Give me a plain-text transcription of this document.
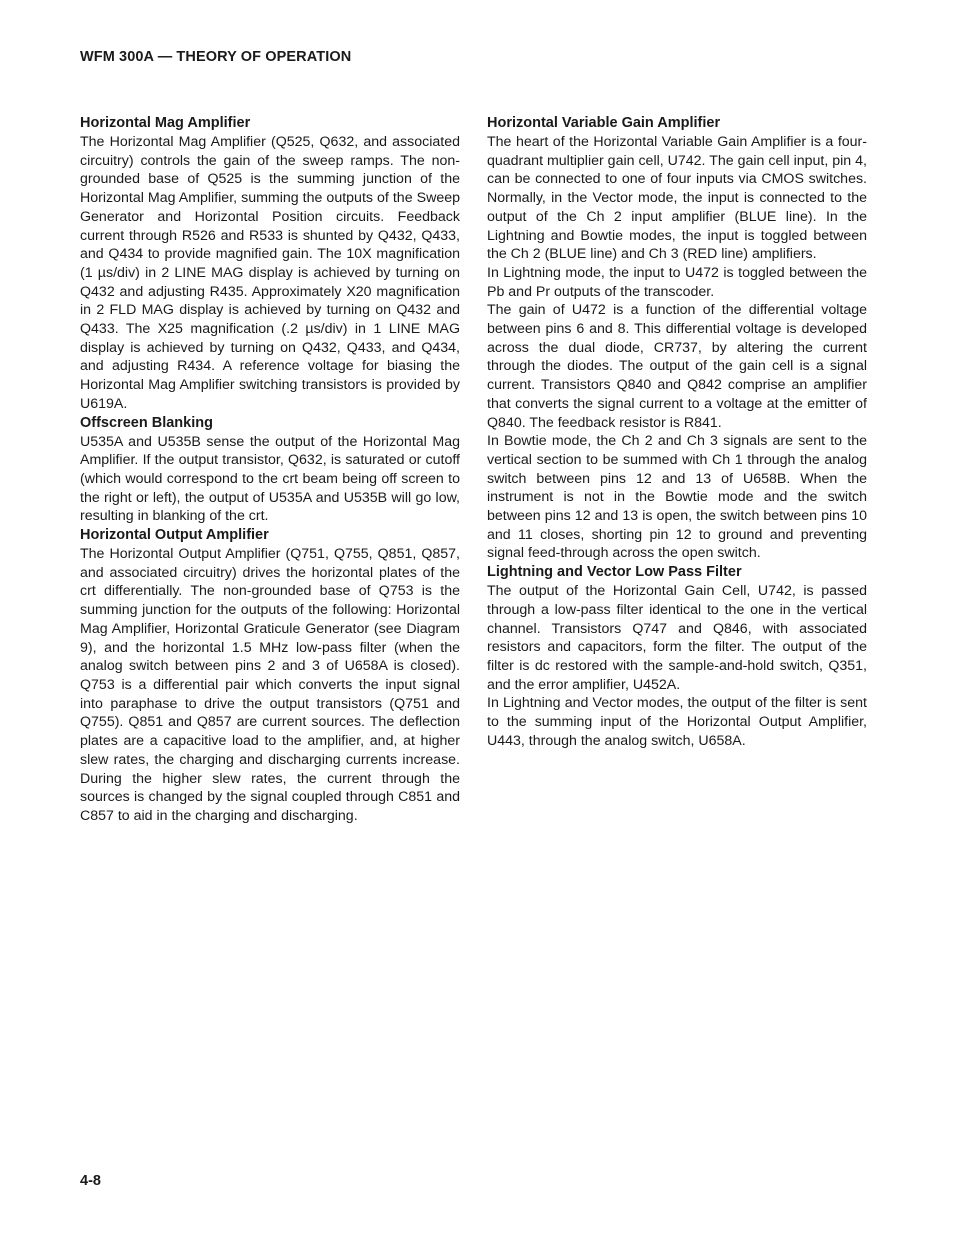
WFM 300A — THEORY OF OPERATION
Horizontal Mag Amplifier

The Horizontal Mag Amplifier (Q525, Q632, and associated circuitry) controls the gain of the sweep ramps. The non-grounded base of Q525 is the summing junction of the Horizontal Mag Amplifier, summing the outputs of the Sweep Generator and Horizontal Position circuits. Feedback current through R526 and R533 is shunted by Q432, Q433, and Q434 to provide magnified gain. The 10X magnification (1 µs/div) in 2 LINE MAG display is achieved by turning on Q432 and adjusting R435. Approximately X20 magnification in 2 FLD MAG display is achieved by turning on Q432 and Q433. The X25 magnification (.2 µs/div) in 1 LINE MAG display is achieved by turning on Q432, Q433, and Q434, and adjusting R434. A reference voltage for biasing the Horizontal Mag Amplifier switching transistors is provided by U619A.

Offscreen Blanking

U535A and U535B sense the output of the Horizontal Mag Amplifier. If the output transistor, Q632, is saturated or cutoff (which would correspond to the crt beam being off screen to the right or left), the output of U535A and U535B will go low, resulting in blanking of the crt.

Horizontal Output Amplifier

The Horizontal Output Amplifier (Q751, Q755, Q851, Q857, and associated circuitry) drives the horizontal plates of the crt differentially. The non-grounded base of Q753 is the summing junction for the outputs of the following: Horizontal Mag Amplifier, Horizontal Graticule Generator (see Diagram 9), and the horizontal 1.5 MHz low-pass filter (when the analog switch between pins 2 and 3 of U658A is closed). Q753 is a differential pair which converts the input signal into paraphase to drive the output transistors (Q751 and Q755). Q851 and Q857 are current sources. The deflection plates are a capacitive load to the amplifier, and, at higher slew rates, the charging and discharging currents increase. During the higher slew rates, the current through the sources is changed by the signal coupled through C851 and C857 to aid in the charging and discharging.

Horizontal Variable Gain Amplifier

The heart of the Horizontal Variable Gain Amplifier is a four-quadrant multiplier gain cell, U742. The gain cell input, pin 4, can be connected to one of four inputs via CMOS switches. Normally, in the Vector mode, the input is connected to the output of the Ch 2 input amplifier (BLUE line). In the Lightning and Bowtie modes, the input is toggled between the Ch 2 (BLUE line) and Ch 3 (RED line) amplifiers.

In Lightning mode, the input to U472 is toggled between the Pb and Pr outputs of the transcoder.

The gain of U472 is a function of the differential voltage between pins 6 and 8. This differential voltage is developed across the dual diode, CR737, by altering the current through the diodes. The output of the gain cell is a signal current. Transistors Q840 and Q842 comprise an amplifier that converts the signal current to a voltage at the emitter of Q840. The feedback resistor is R841.

In Bowtie mode, the Ch 2 and Ch 3 signals are sent to the vertical section to be summed with Ch 1 through the analog switch between pins 12 and 13 of U658B. When the instrument is not in the Bowtie mode and the switch between pins 12 and 13 is open, the switch between pins 10 and 11 closes, shorting pin 12 to ground and preventing signal feed-through across the open switch.

Lightning and Vector Low Pass Filter

The output of the Horizontal Gain Cell, U742, is passed through a low-pass filter identical to the one in the vertical channel. Transistors Q747 and Q846, with associated resistors and capacitors, form the filter. The output of the filter is dc restored with the sample-and-hold switch, Q351, and the error amplifier, U452A.

In Lightning and Vector modes, the output of the filter is sent to the summing input of the Horizontal Output Amplifier, U443, through the analog switch, U658A.

4-8
